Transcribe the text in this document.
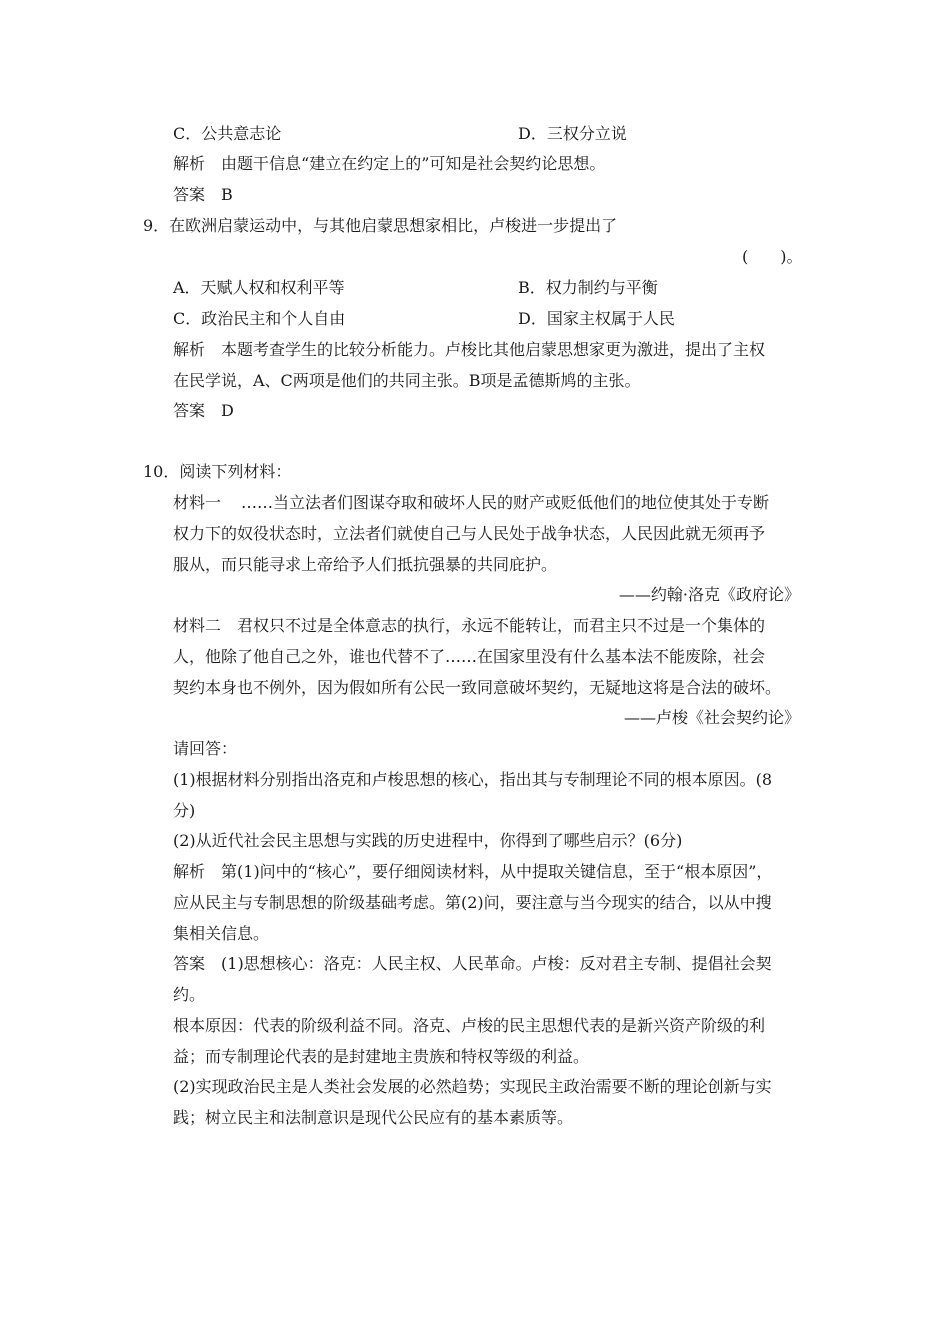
C．公共意志论	D．三权分立说
解析 由题干信息“建立在约定上的”可知是社会契约论思想。
答案 B
9．在欧洲启蒙运动中，与其他启蒙思想家相比，卢梭进一步提出了
(　　)。
A．天赋人权和权利平等	B．权力制约与平衡
C．政治民主和个人自由	D．国家主权属于人民
解析 本题考查学生的比较分析能力。卢梭比其他启蒙思想家更为激进，提出了主权
在民学说，A、C两项是他们的共同主张。B项是孟德斯鸠的主张。
答案 D
10．阅读下列材料：
材料一 ……当立法者们图谋夺取和破坏人民的财产或贬低他们的地位使其处于专断
权力下的奴役状态时，立法者们就使自己与人民处于战争状态，人民因此就无须再予
服从，而只能寻求上帝给予人们抵抗强暴的共同庇护。
——约翰·洛克《政府论》
材料二 君权只不过是全体意志的执行，永远不能转让，而君主只不过是一个集体的
人，他除了他自己之外，谁也代替不了……在国家里没有什么基本法不能废除，社会
契约本身也不例外，因为假如所有公民一致同意破坏契约，无疑地这将是合法的破坏。
——卢梭《社会契约论》
请回答：
(1)根据材料分别指出洛克和卢梭思想的核心，指出其与专制理论不同的根本原因。(8
分)
(2)从近代社会民主思想与实践的历史进程中，你得到了哪些启示？(6分)
解析 第(1)问中的“核心”，要仔细阅读材料，从中提取关键信息，至于“根本原因”，
应从民主与专制思想的阶级基础考虑。第(2)问，要注意与当今现实的结合，以从中搜
集相关信息。
答案 (1)思想核心：洛克：人民主权、人民革命。卢梭：反对君主专制、提倡社会契
约。
根本原因：代表的阶级利益不同。洛克、卢梭的民主思想代表的是新兴资产阶级的利
益；而专制理论代表的是封建地主贵族和特权等级的利益。
(2)实现政治民主是人类社会发展的必然趋势；实现民主政治需要不断的理论创新与实
践；树立民主和法制意识是现代公民应有的基本素质等。
